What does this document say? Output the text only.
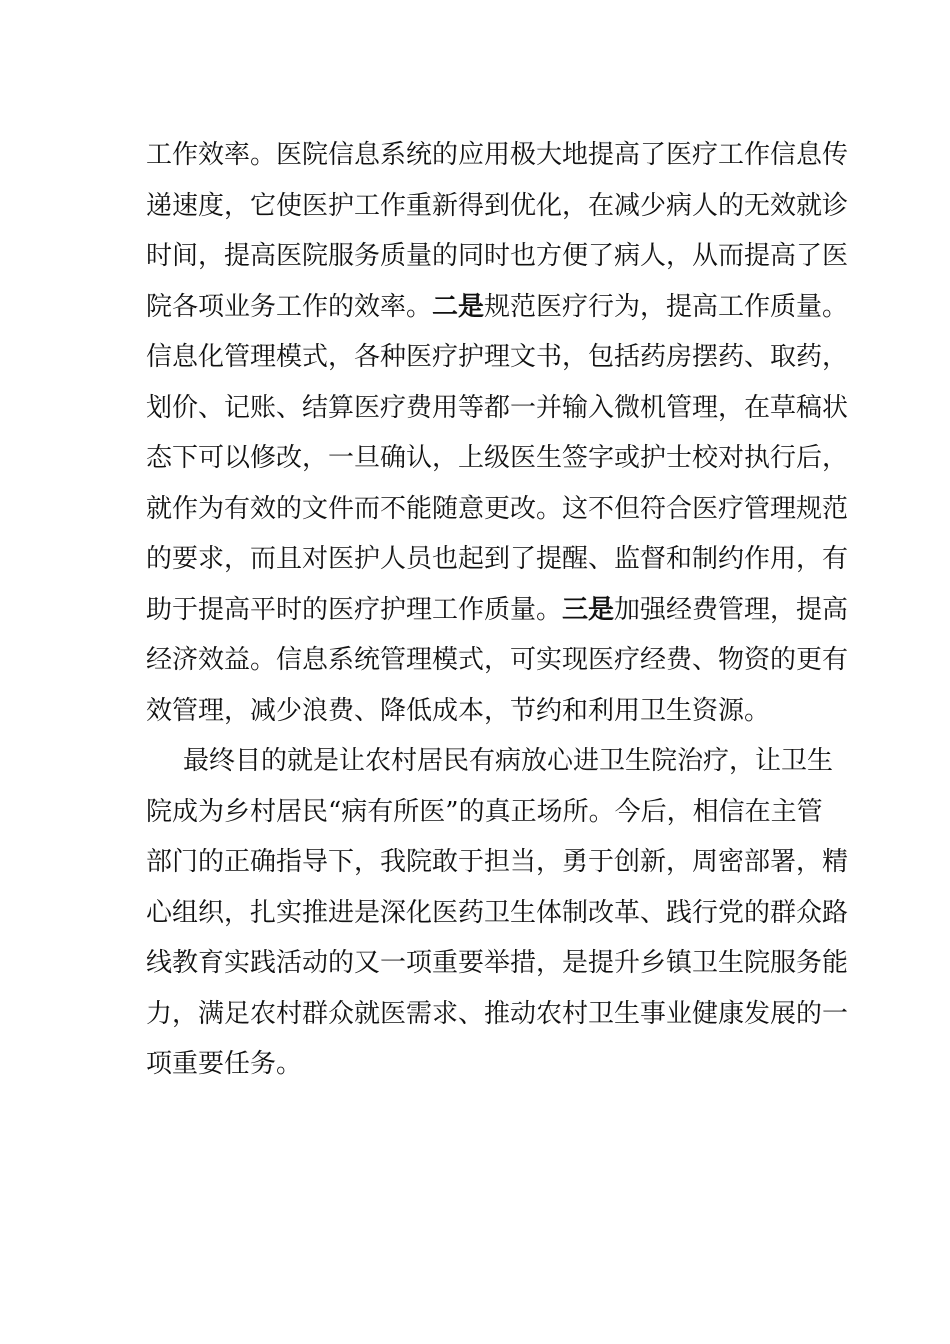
工作效率。医院信息系统的应用极大地提高了医疗工作信息传
递速度，它使医护工作重新得到优化，在减少病人的无效就诊
时间，提高医院服务质量的同时也方便了病人，从而提高了医
院各项业务工作的效率。二是规范医疗行为，提高工作质量。
信息化管理模式，各种医疗护理文书，包括药房摆药、取药，
划价、记账、结算医疗费用等都一并输入微机管理，在草稿状
态下可以修改，一旦确认，上级医生签字或护士校对执行后，
就作为有效的文件而不能随意更改。这不但符合医疗管理规范
的要求，而且对医护人员也起到了提醒、监督和制约作用，有
助于提高平时的医疗护理工作质量。三是加强经费管理，提高
经济效益。信息系统管理模式，可实现医疗经费、物资的更有
效管理，减少浪费、降低成本，节约和利用卫生资源。
最终目的就是让农村居民有病放心进卫生院治疗，让卫生
院成为乡村居民“病有所医”的真正场所。今后，相信在主管
部门的正确指导下，我院敢于担当，勇于创新，周密部署，精
心组织，扎实推进是深化医药卫生体制改革、践行党的群众路
线教育实践活动的又一项重要举措，是提升乡镇卫生院服务能
力，满足农村群众就医需求、推动农村卫生事业健康发展的一
项重要任务。
